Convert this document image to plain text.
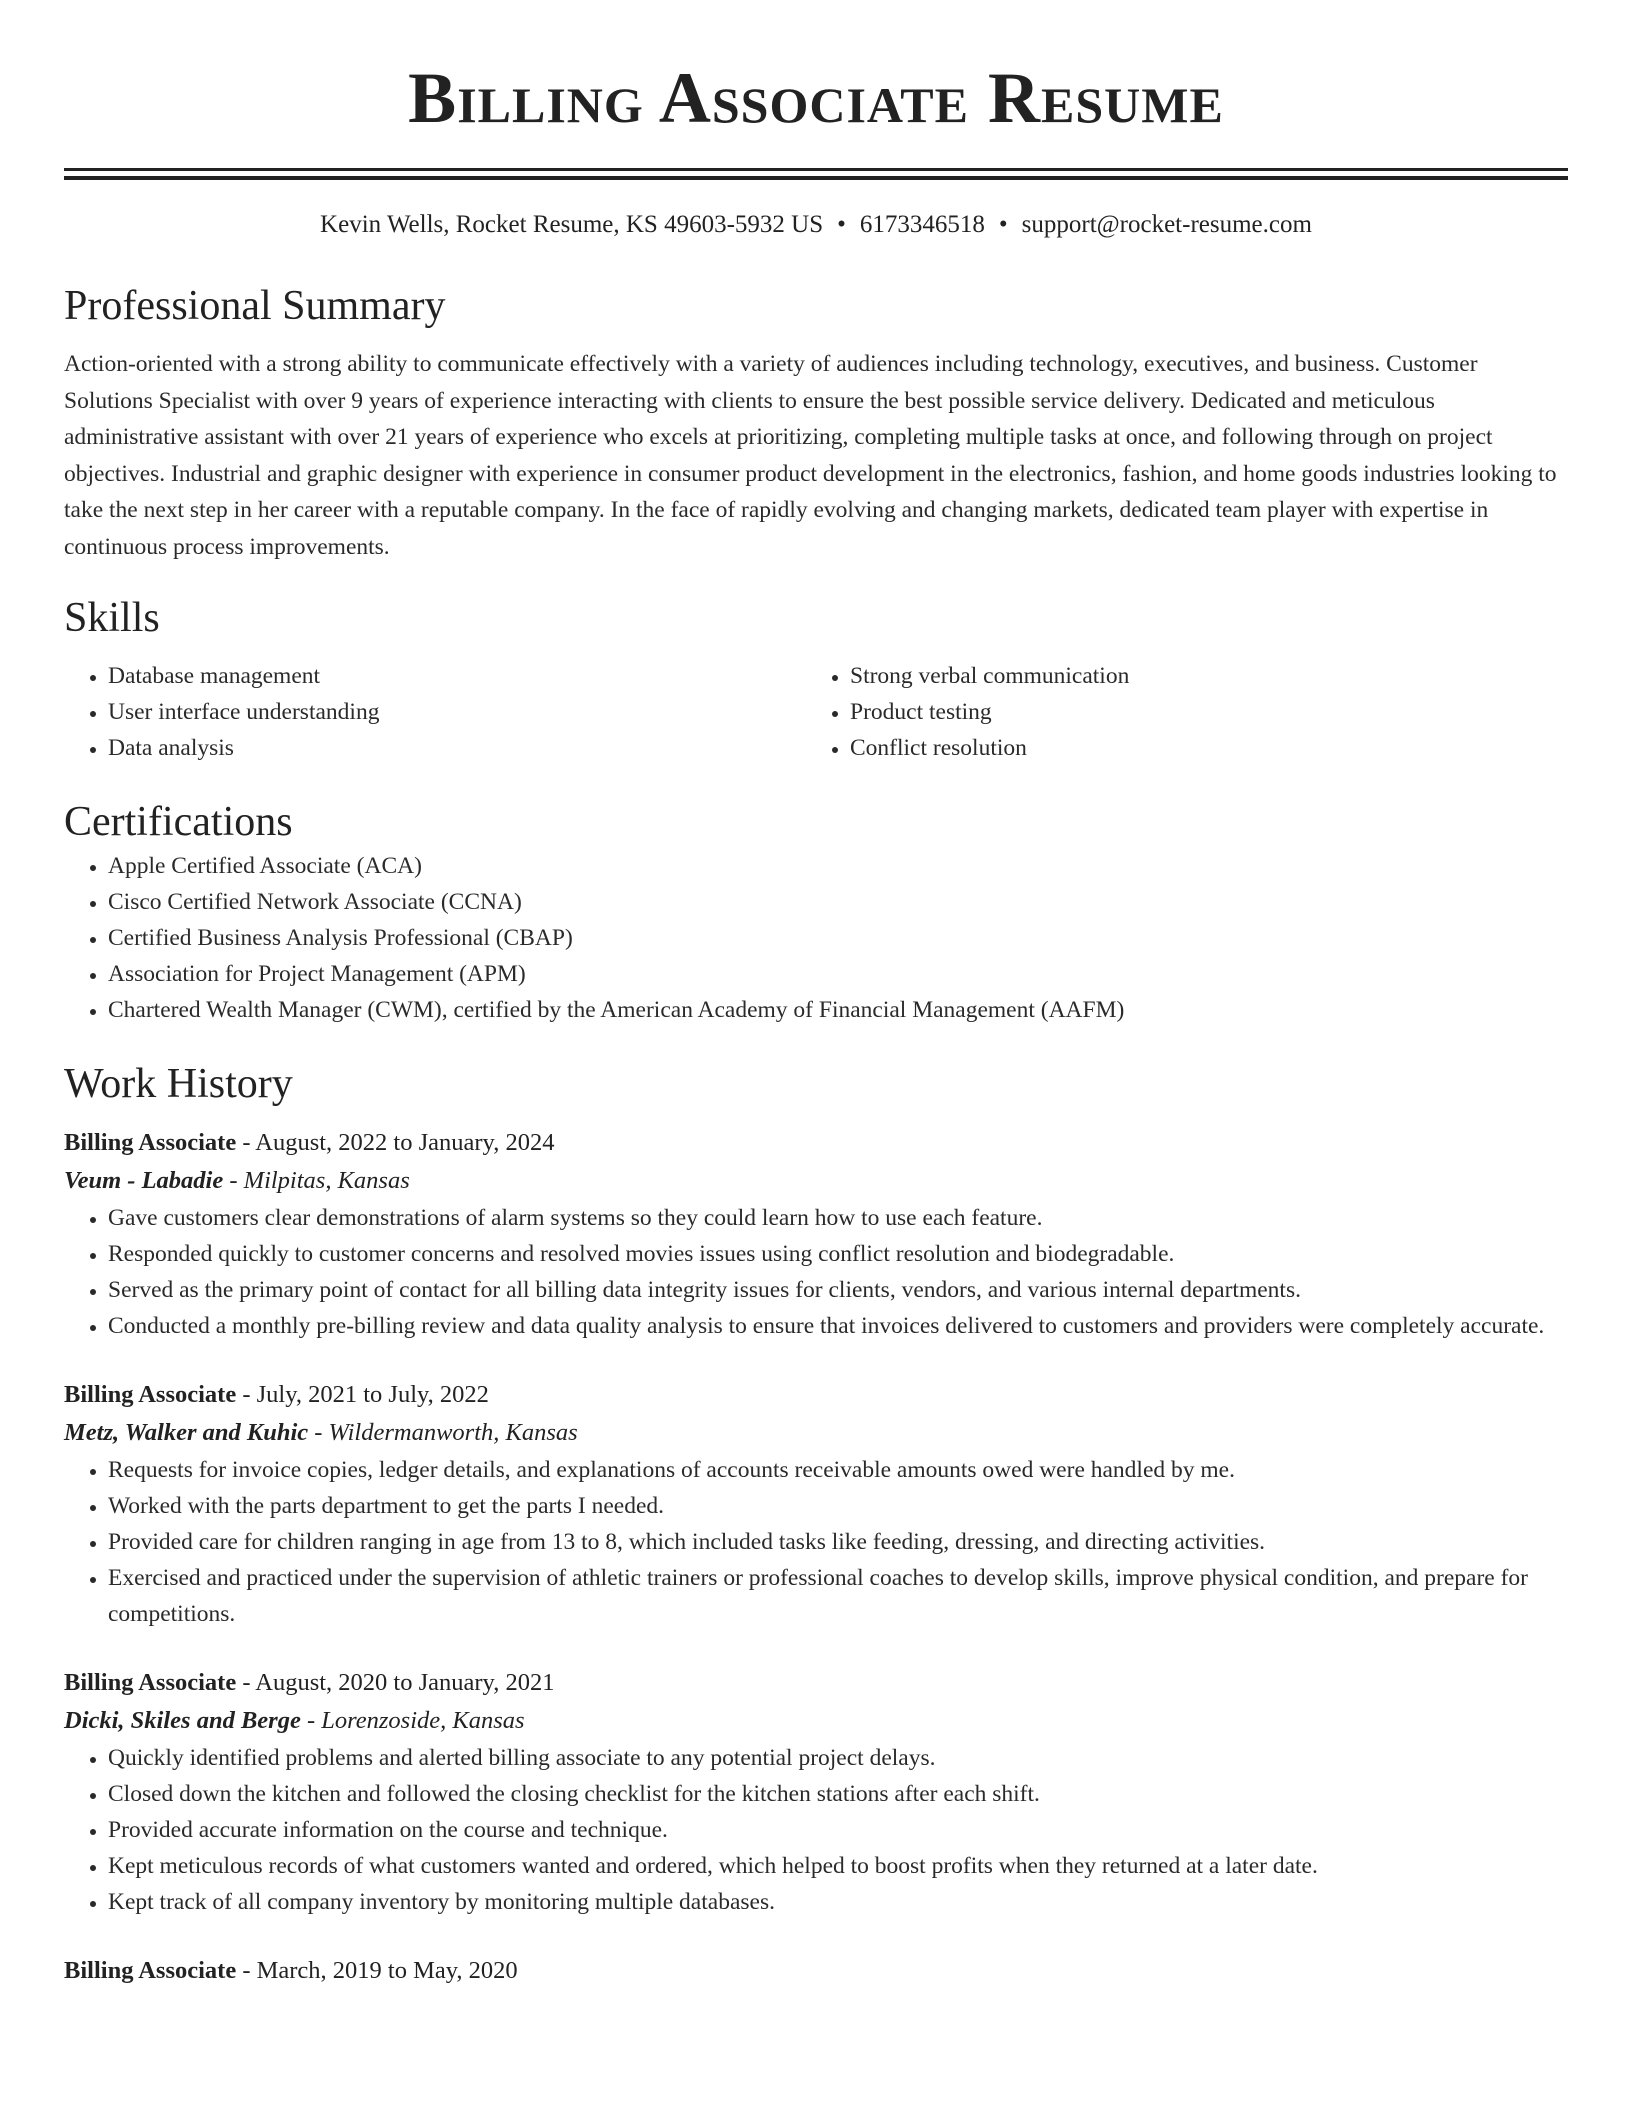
Billing Associate Resume
Kevin Wells, Rocket Resume, KS 49603-5932 US • 6173346518 • support@rocket-resume.com
Professional Summary

Action-oriented with a strong ability to communicate effectively with a variety of audiences including technology, executives, and business. Customer Solutions Specialist with over 9 years of experience interacting with clients to ensure the best possible service delivery. Dedicated and meticulous administrative assistant with over 21 years of experience who excels at prioritizing, completing multiple tasks at once, and following through on project objectives. Industrial and graphic designer with experience in consumer product development in the electronics, fashion, and home goods industries looking to take the next step in her career with a reputable company. In the face of rapidly evolving and changing markets, dedicated team player with expertise in continuous process improvements.

Skills
• Database management
• User interface understanding
• Data analysis
• Strong verbal communication
• Product testing
• Conflict resolution
Certifications
• Apple Certified Associate (ACA)
• Cisco Certified Network Associate (CCNA)
• Certified Business Analysis Professional (CBAP)
• Association for Project Management (APM)
• Chartered Wealth Manager (CWM), certified by the American Academy of Financial Management (AAFM)
Work History
Billing Associate - August, 2022 to January, 2024
Veum - Labadie - Milpitas, Kansas
• Gave customers clear demonstrations of alarm systems so they could learn how to use each feature.
• Responded quickly to customer concerns and resolved movies issues using conflict resolution and biodegradable.
• Served as the primary point of contact for all billing data integrity issues for clients, vendors, and various internal departments.
• Conducted a monthly pre-billing review and data quality analysis to ensure that invoices delivered to customers and providers were completely accurate.
Billing Associate - July, 2021 to July, 2022
Metz, Walker and Kuhic - Wildermanworth, Kansas
• Requests for invoice copies, ledger details, and explanations of accounts receivable amounts owed were handled by me.
• Worked with the parts department to get the parts I needed.
• Provided care for children ranging in age from 13 to 8, which included tasks like feeding, dressing, and directing activities.
• Exercised and practiced under the supervision of athletic trainers or professional coaches to develop skills, improve physical condition, and prepare for competitions.
Billing Associate - August, 2020 to January, 2021
Dicki, Skiles and Berge - Lorenzoside, Kansas
• Quickly identified problems and alerted billing associate to any potential project delays.
• Closed down the kitchen and followed the closing checklist for the kitchen stations after each shift.
• Provided accurate information on the course and technique.
• Kept meticulous records of what customers wanted and ordered, which helped to boost profits when they returned at a later date.
• Kept track of all company inventory by monitoring multiple databases.
Billing Associate - March, 2019 to May, 2020
